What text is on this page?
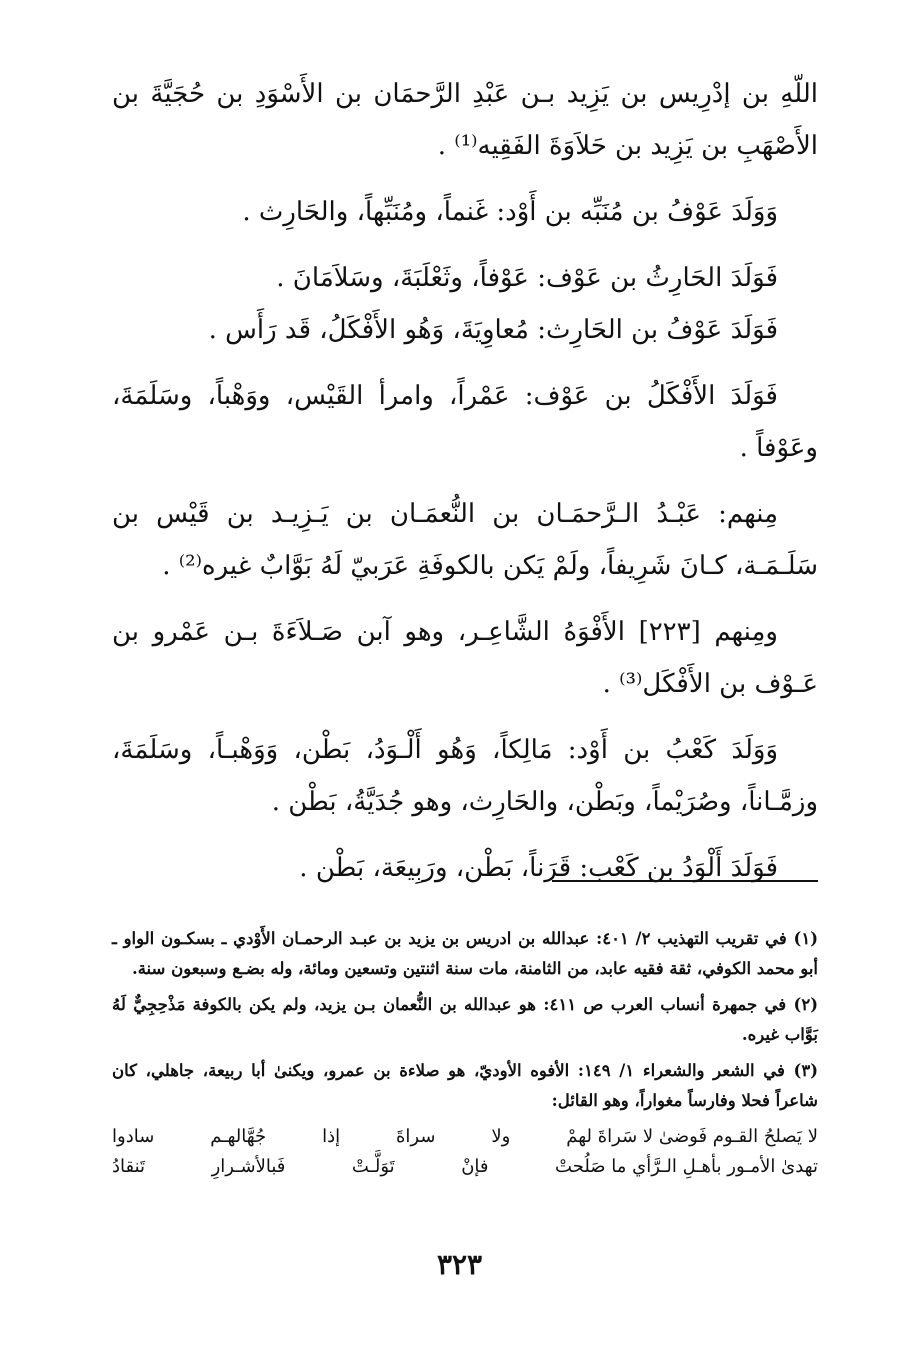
اللّهِ بن إدْرِيس بن يَزِيد بـن عَبْدِ الرَّحمَان بن الأَسْوَدِ بن حُجَيَّةَ بن الأَصْهَبِ بن يَزِيد بن حَلاَوَةَ الفَقِيه⁽¹⁾ .

وَوَلَدَ عَوْفُ بن مُنَبِّه بن أَوْد: غَنماً، ومُنَبِّهاً، والحَارِث .

فَوَلَدَ الحَارِثُ بن عَوْف: عَوْفاً، وثَعْلَبَةَ، وسَلاَمَانَ .

فَوَلَدَ عَوْفُ بن الحَارِث: مُعاوِيَةَ، وَهُو الأَفْكَلُ، قَد رَأَس .

فَوَلَدَ الأَفْكَلُ بن عَوْف: عَمْراً، وامرأ القَيْس، ووَهْباً، وسَلَمَةَ، وعَوْفاً .

مِنهم: عَبْـدُ الـرَّحمَـان بن النُّعمَـان بن يَـزِيـد بن قَيْس بن سَلَـمَـة، كـانَ شَرِيفاً، ولَمْ يَكن بالكوفَةِ عَرَبيّ لَهُ بَوَّابٌ غيره⁽²⁾ .

ومِنهم [٢٢٣] الأَفْوَهُ الشَّاعِـر، وهو آبن صَـلاَءَةَ بـن عَمْرو بن عَـوْف بن الأَفْكَل⁽³⁾ .

وَوَلَدَ كَعْبُ بن أَوْد: مَالِكاً، وَهُو أَلْـوَدُ، بَطْن، وَوَهْبـاً، وسَلَمَةَ، وزمَّـاناً، وصُرَيْماً، وبَطْن، والحَارِث، وهو جُدَيَّةُ، بَطْن .

فَوَلَدَ أَلْوَدُ بن كَعْب: قَرَناً، بَطْن، ورَبِيعَة، بَطْن .

(١) في تقريب التهذيب ٢/ ٤٠١: عبدالله بن ادريس بن يزيد بن عبـد الرحمـان الأَوْدي ـ بسكـون الواو ـ أبو محمد الكوفي، ثقة فقيه عابد، من الثامنة، مات سنة اثنتين وتسعين ومائة، وله بضـع وسبعون سنة.

(٢) في جمهرة أنساب العرب ص ٤١١: هو عبدالله بن النُّعمان بـن يزيد، ولم يكن بالكوفة مَذْحِجِيٌّ لَهُ بَوَّاب غيره.

(٣) في الشعر والشعراء ١/ ١٤٩: الأفوه الأوديّ، هو صلاءة بن عمرو، ويكنىٰ أبا ربيعة، جاهلي، كان شاعراً فحلا وفارساً مغواراً، وهو القائل:

لا يَصلحُ القـوم فَوضىٰ لا سَراةَ لهمْ
ولا
سراةَ
إذا
جُهَّالهـم
سادوا
تهدىٰ الأمـور بأهـلِ الـرَّأي ما صَلُحتْ
فإنْ
تَوَلَّـتْ
فَبالأشـرارِ
تَنقادُ
٣٢٣
